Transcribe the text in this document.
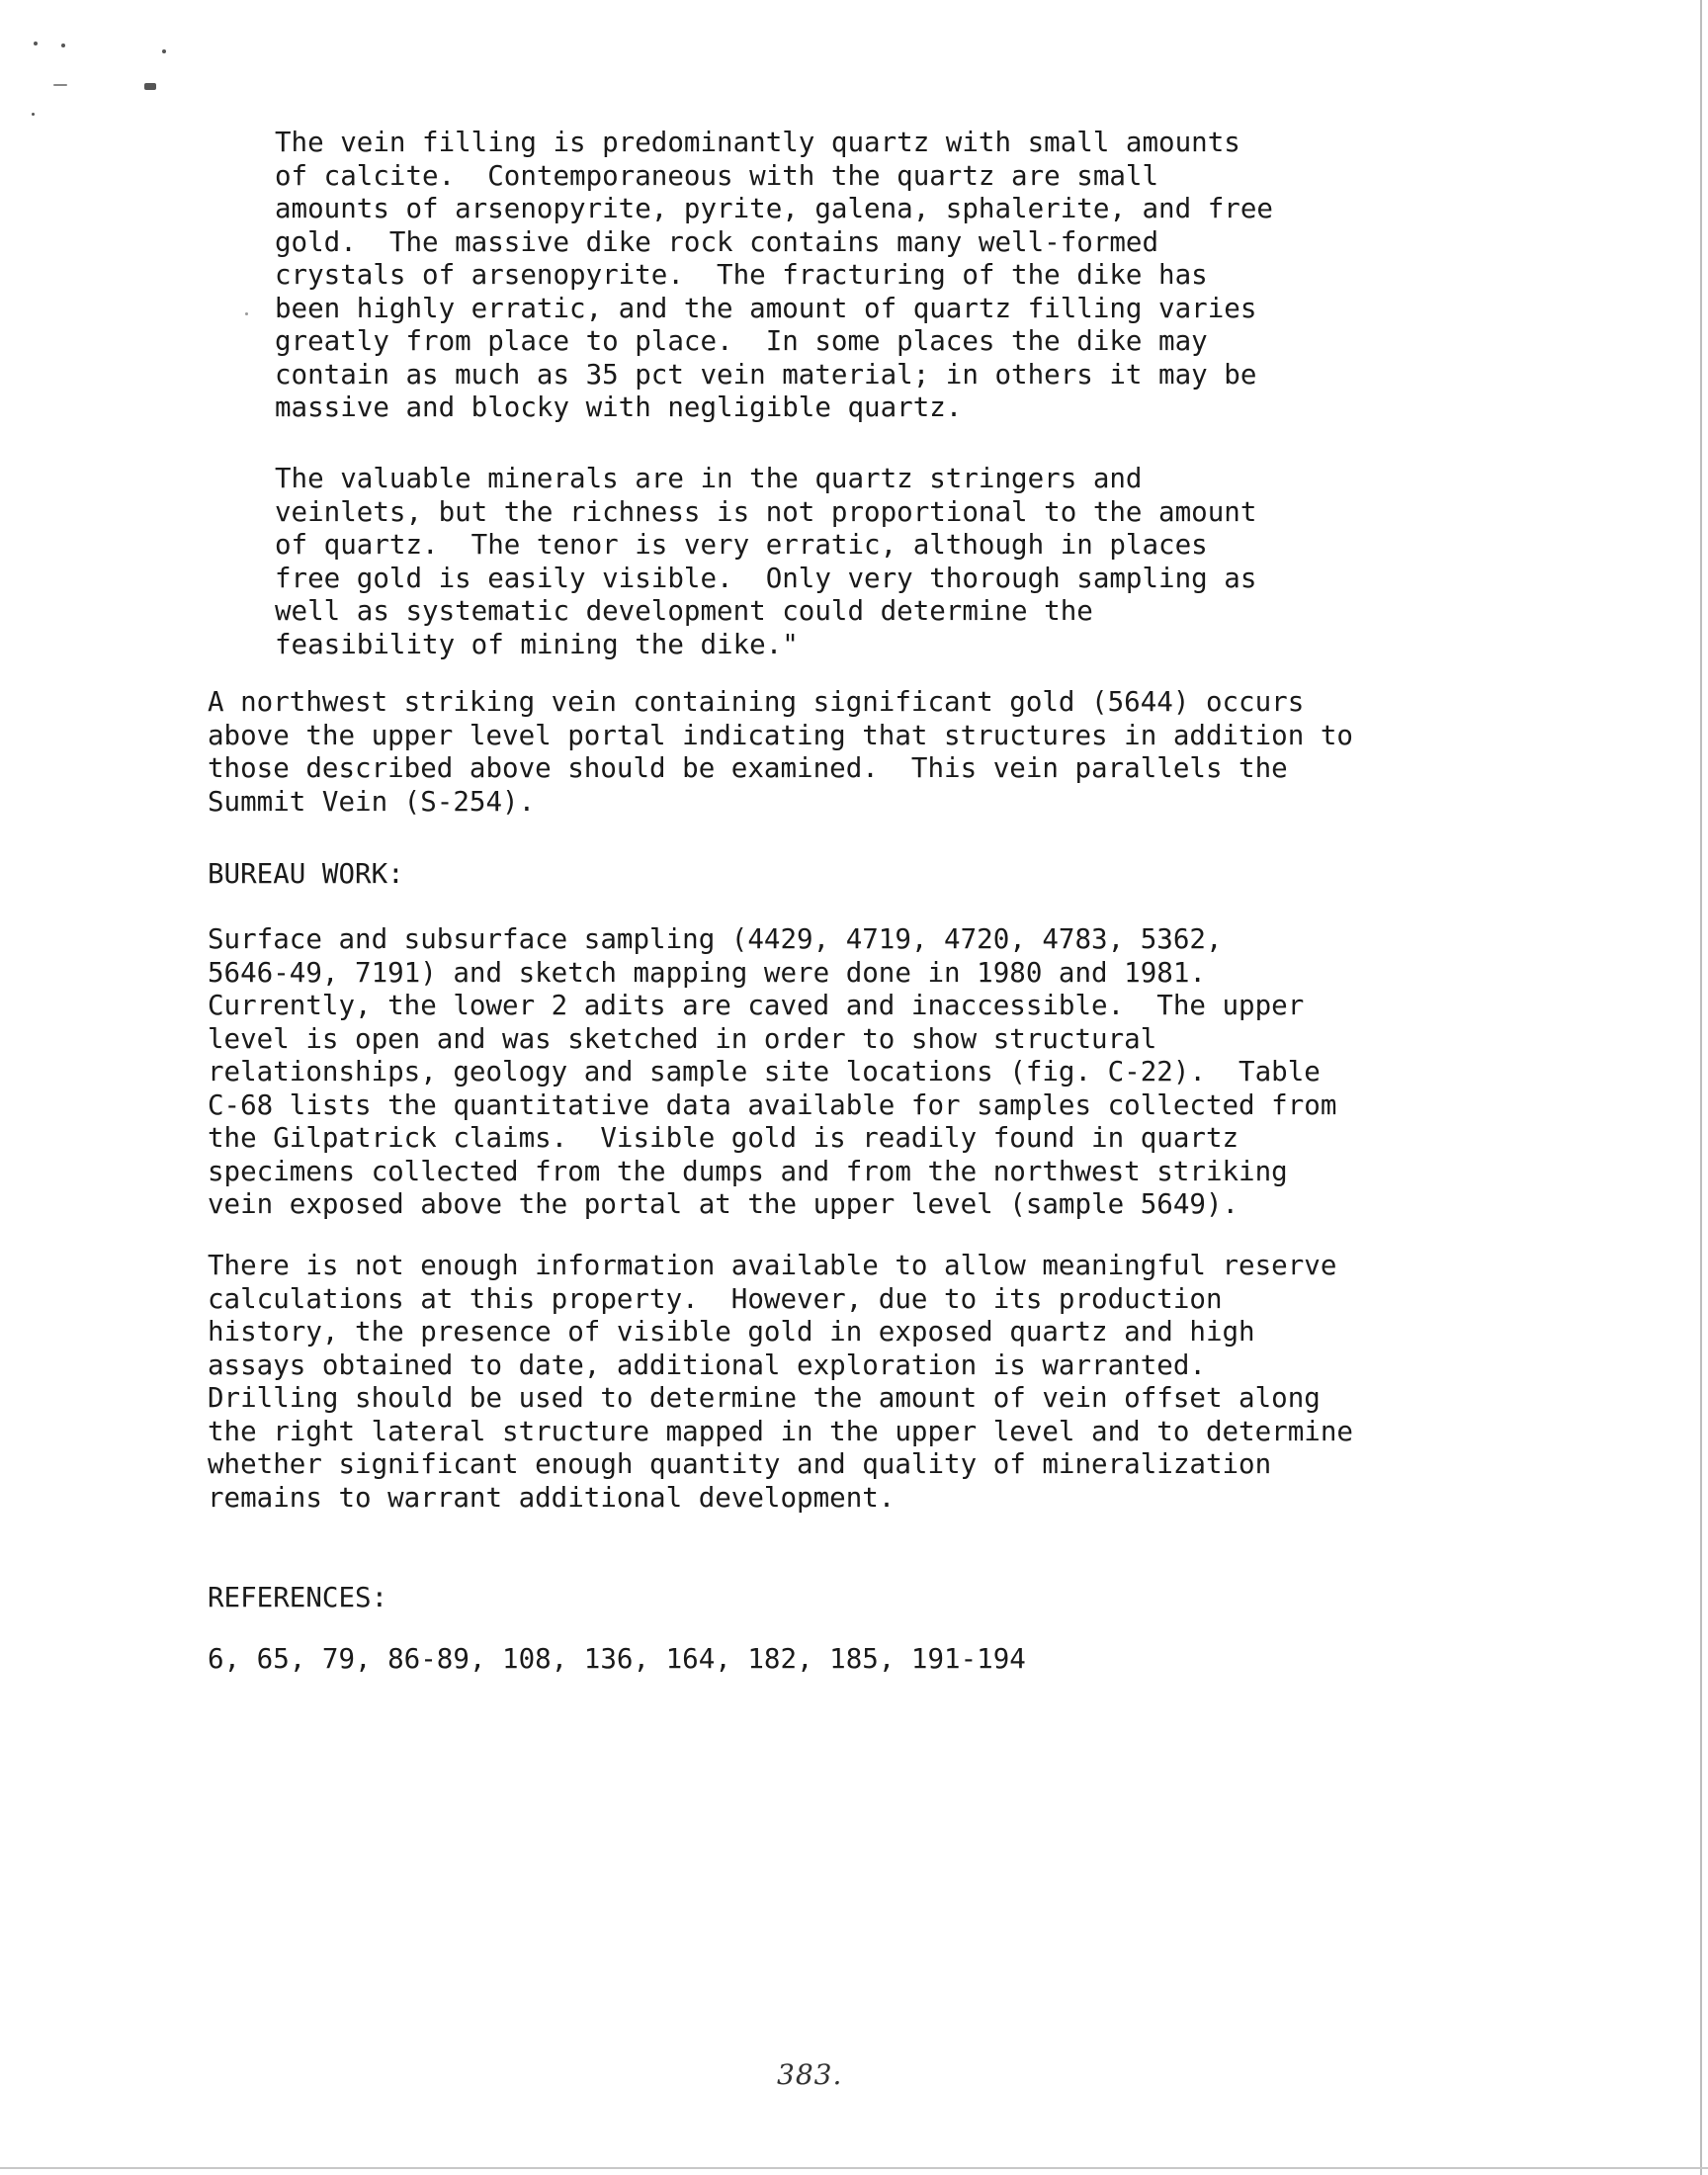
The vein filling is predominantly quartz with small amounts
of calcite.  Contemporaneous with the quartz are small
amounts of arsenopyrite, pyrite, galena, sphalerite, and free
gold.  The massive dike rock contains many well-formed
crystals of arsenopyrite.  The fracturing of the dike has
been highly erratic, and the amount of quartz filling varies
greatly from place to place.  In some places the dike may
contain as much as 35 pct vein material; in others it may be
massive and blocky with negligible quartz.

The valuable minerals are in the quartz stringers and
veinlets, but the richness is not proportional to the amount
of quartz.  The tenor is very erratic, although in places
free gold is easily visible.  Only very thorough sampling as
well as systematic development could determine the
feasibility of mining the dike."

A northwest striking vein containing significant gold (5644) occurs
above the upper level portal indicating that structures in addition to
those described above should be examined.  This vein parallels the
Summit Vein (S-254).

BUREAU WORK:

Surface and subsurface sampling (4429, 4719, 4720, 4783, 5362,
5646-49, 7191) and sketch mapping were done in 1980 and 1981.
Currently, the lower 2 adits are caved and inaccessible.  The upper
level is open and was sketched in order to show structural
relationships, geology and sample site locations (fig. C-22).  Table
C-68 lists the quantitative data available for samples collected from
the Gilpatrick claims.  Visible gold is readily found in quartz
specimens collected from the dumps and from the northwest striking
vein exposed above the portal at the upper level (sample 5649).

There is not enough information available to allow meaningful reserve
calculations at this property.  However, due to its production
history, the presence of visible gold in exposed quartz and high
assays obtained to date, additional exploration is warranted.
Drilling should be used to determine the amount of vein offset along
the right lateral structure mapped in the upper level and to determine
whether significant enough quantity and quality of mineralization
remains to warrant additional development.

REFERENCES:

6, 65, 79, 86-89, 108, 136, 164, 182, 185, 191-194

383.
